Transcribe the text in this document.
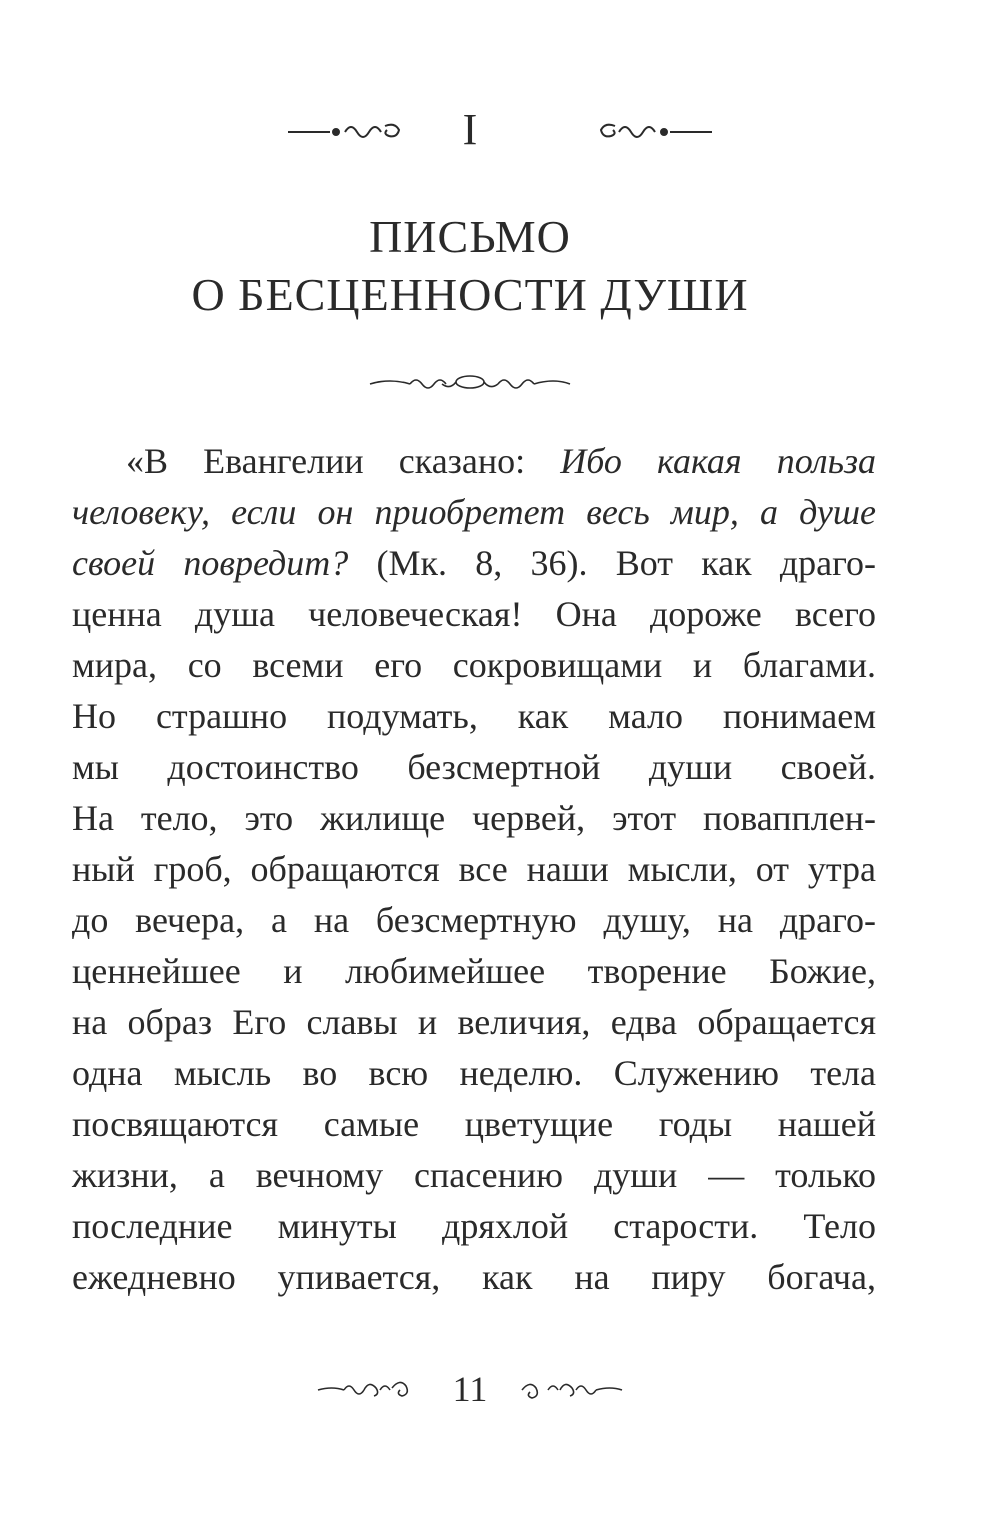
I
ПИСЬМО
О БЕСЦЕННОСТИ ДУШИ
«В Евангелии сказано: Ибо какая польза
человеку, если он приобретет весь мир, а душе
своей повредит? (Мк. 8, 36). Вот как драго-
ценна душа человеческая! Она дороже всего
мира, со всеми его сокровищами и благами.
Но страшно подумать, как мало понимаем
мы достоинство безсмертной души своей.
На тело, это жилище червей, этот повапплен-
ный гроб, обращаются все наши мысли, от утра
до вечера, а на безсмертную душу, на драго-
ценнейшее и любимейшее творение Божие,
на образ Его славы и величия, едва обращается
одна мысль во всю неделю. Служению тела
посвящаются самые цветущие годы нашей
жизни, а вечному спасению души — только
последние минуты дряхлой старости. Тело
ежедневно упивается, как на пиру богача,
11
